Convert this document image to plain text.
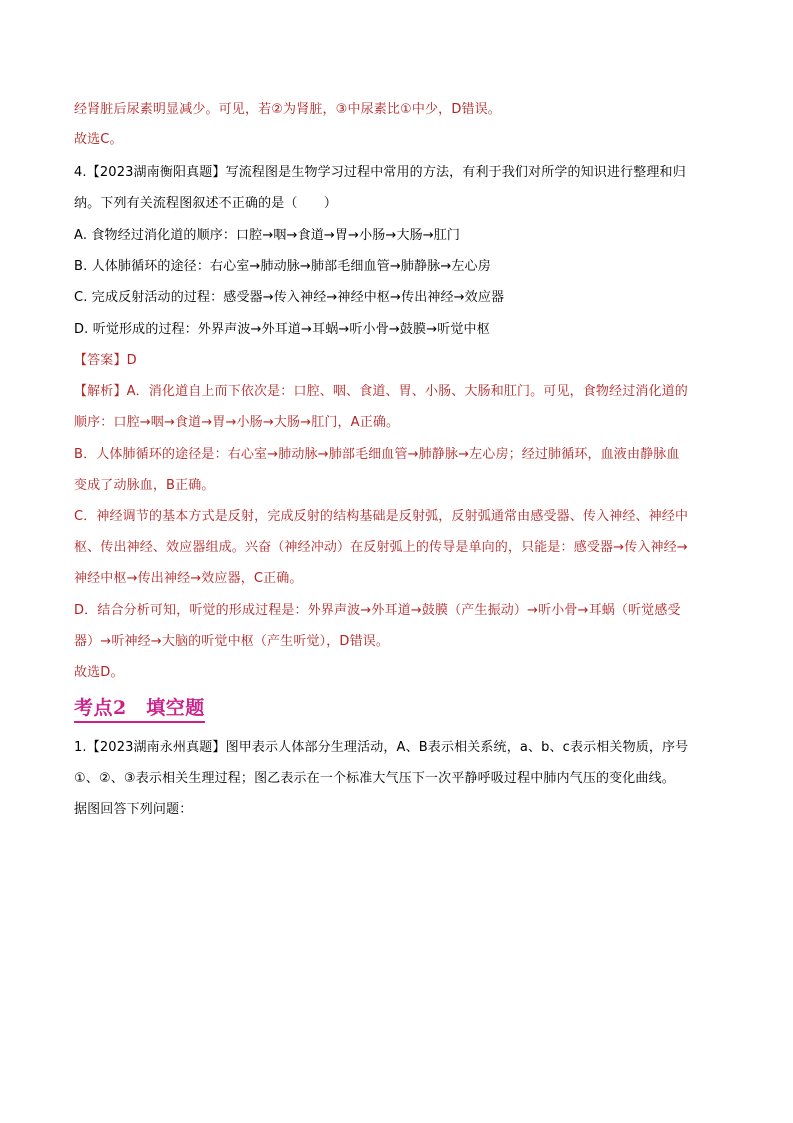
经肾脏后尿素明显减少。可见，若②为肾脏，③中尿素比①中少，D错误。
故选C。
4.【2023湖南衡阳真题】写流程图是生物学习过程中常用的方法，有利于我们对所学的知识进行整理和归
纳。下列有关流程图叙述不正确的是（　　）
A. 食物经过消化道的顺序：口腔→咽→食道→胃→小肠→大肠→肛门
B. 人体肺循环的途径：右心室→肺动脉→肺部毛细血管→肺静脉→左心房
C. 完成反射活动的过程：感受器→传入神经→神经中枢→传出神经→效应器
D. 听觉形成的过程：外界声波→外耳道→耳蜗→听小骨→鼓膜→听觉中枢
【答案】D
【解析】A．消化道自上而下依次是：口腔、咽、食道、胃、小肠、大肠和肛门。可见，食物经过消化道的
顺序：口腔→咽→食道→胃→小肠→大肠→肛门，A正确。
B．人体肺循环的途径是：右心室→肺动脉→肺部毛细血管→肺静脉→左心房；经过肺循环，血液由静脉血
变成了动脉血，B正确。
C．神经调节的基本方式是反射，完成反射的结构基础是反射弧，反射弧通常由感受器、传入神经、神经中
枢、传出神经、效应器组成。兴奋（神经冲动）在反射弧上的传导是单向的，只能是：感受器→传入神经→
神经中枢→传出神经→效应器，C正确。
D．结合分析可知，听觉的形成过程是：外界声波→外耳道→鼓膜（产生振动）→听小骨→耳蜗（听觉感受
器）→听神经→大脑的听觉中枢（产生听觉），D错误。
故选D。
考点2　填空题
1.【2023湖南永州真题】图甲表示人体部分生理活动，A、B表示相关系统，a、b、c表示相关物质，序号
①、②、③表示相关生理过程；图乙表示在一个标准大气压下一次平静呼吸过程中肺内气压的变化曲线。
据图回答下列问题：
